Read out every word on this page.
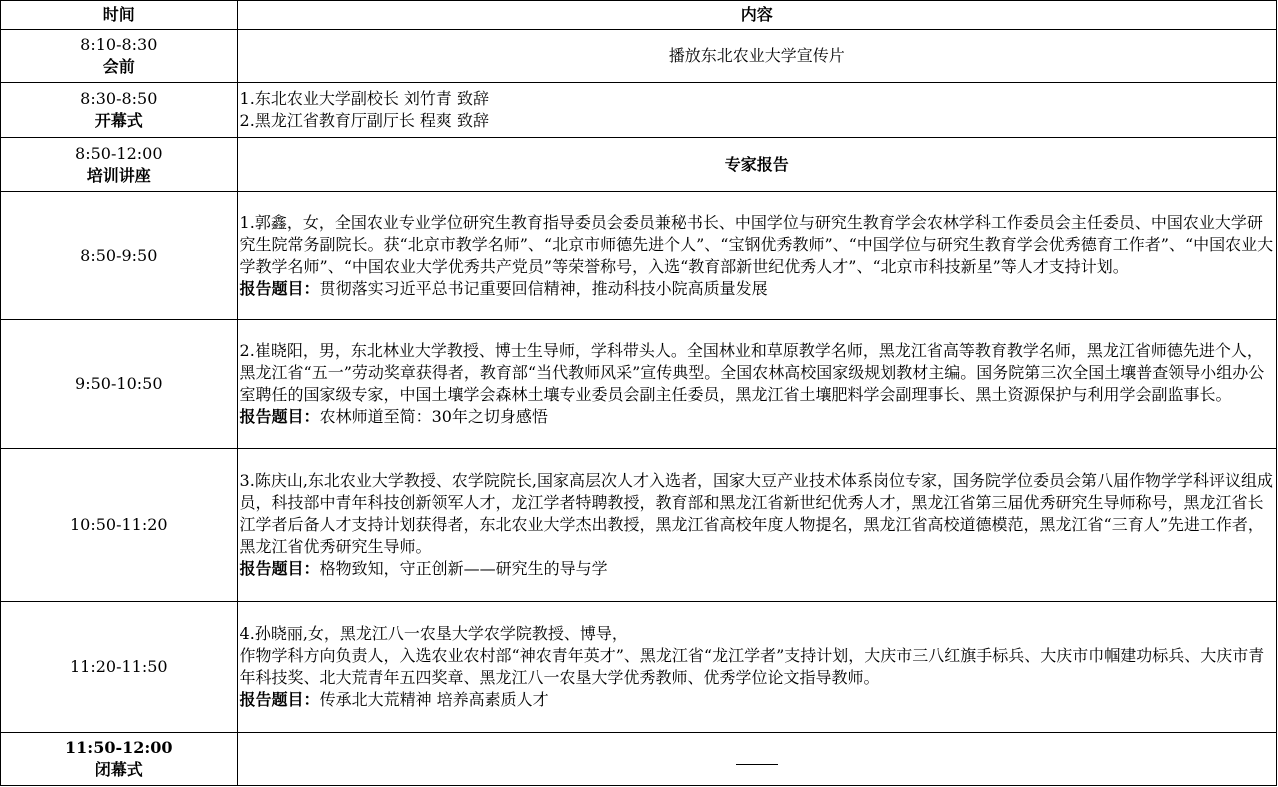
时间	内容

8:10-8:30
会前	播放东北农业大学宣传片

8:30-8:50
开幕式	1.东北农业大学副校长 刘竹青 致辞
2.黑龙江省教育厅副厅长 程爽 致辞

8:50-12:00
培训讲座	专家报告
8:50-9:50	1.郭鑫，女，全国农业专业学位研究生教育指导委员会委员兼秘书长、中国学位与研究生教育学会农林学科工作委员会主任委员、中国农业大学研究生院常务副院长。获“北京市教学名师”、“北京市师德先进个人”、“宝钢优秀教师”、“中国学位与研究生教育学会优秀德育工作者”、“中国农业大学教学名师”、“中国农业大学优秀共产党员”等荣誉称号，入选“教育部新世纪优秀人才”、“北京市科技新星”等人才支持计划。
报告题目：贯彻落实习近平总书记重要回信精神，推动科技小院高质量发展

9:50-10:50	2.崔晓阳，男，东北林业大学教授、博士生导师，学科带头人。全国林业和草原教学名师，黑龙江省高等教育教学名师，黑龙江省师德先进个人，黑龙江省“五一”劳动奖章获得者，教育部“当代教师风采”宣传典型。全国农林高校国家级规划教材主编。国务院第三次全国土壤普查领导小组办公室聘任的国家级专家，中国土壤学会森林土壤专业委员会副主任委员，黑龙江省土壤肥料学会副理事长、黑土资源保护与利用学会副监事长。
报告题目：农林师道至简：30年之切身感悟

10:50-11:20	3.陈庆山,东北农业大学教授、农学院院长,国家高层次人才入选者，国家大豆产业技术体系岗位专家，国务院学位委员会第八届作物学学科评议组成员，科技部中青年科技创新领军人才，龙江学者特聘教授，教育部和黑龙江省新世纪优秀人才，黑龙江省第三届优秀研究生导师称号，黑龙江省长江学者后备人才支持计划获得者，东北农业大学杰出教授，黑龙江省高校年度人物提名，黑龙江省高校道德模范，黑龙江省“三育人”先进工作者，黑龙江省优秀研究生导师。
报告题目：格物致知，守正创新——研究生的导与学

11:20-11:50	4.孙晓丽,女，黑龙江八一农垦大学农学院教授、博导，
作物学科方向负责人，入选农业农村部“神农青年英才”、黑龙江省“龙江学者”支持计划，大庆市三八红旗手标兵、大庆市巾帼建功标兵、大庆市青年科技奖、北大荒青年五四奖章、黑龙江八一农垦大学优秀教师、优秀学位论文指导教师。
报告题目：传承北大荒精神 培养高素质人才

11:50-12:00
闭幕式	
